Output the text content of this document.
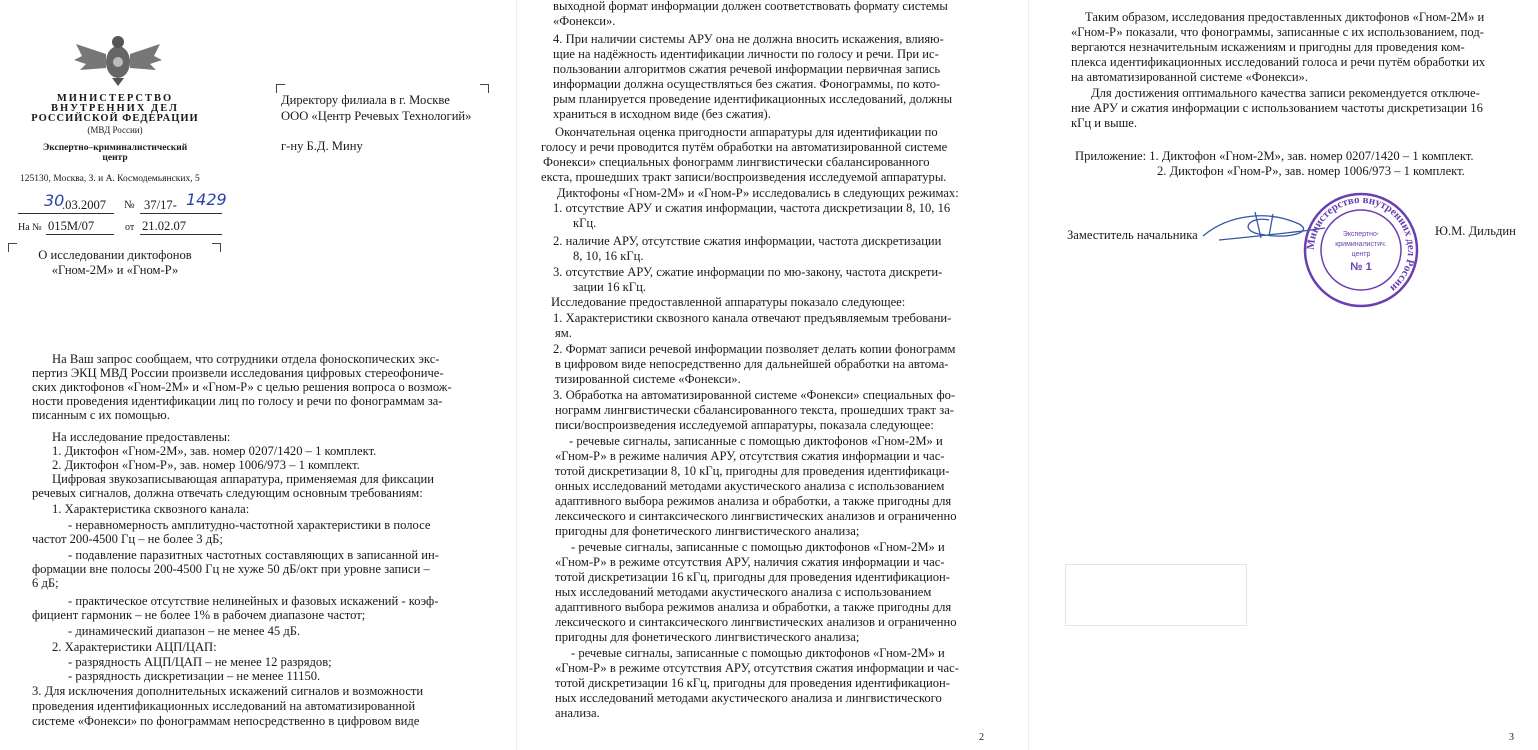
МИНИСТЕРСТВО
ВНУТРЕННИХ ДЕЛ
РОССИЙСКОЙ ФЕДЕРАЦИИ
(МВД России)
Экспертно–криминалистический
центр
125130, Москва, З. и А. Космодемьянских, 5
30
.03.2007 № 37/17- 1429
На № 015М/07	от 21.02.07
О исследовании диктофонов
«Гном-2М» и «Гном-Р»
Директору филиала в г. Москве
ООО «Центр Речевых Технологий»
г-ну Б.Д. Мину
На Ваш запрос сообщаем, что сотрудники отдела фоноскопических экс-
пертиз ЭКЦ МВД России произвели исследования цифровых стереофониче-
ских диктофонов «Гном-2М» и «Гном-Р» с целью решения вопроса о возмож-
ности проведения идентификации лиц по голосу и речи по фонограммам за-
писанным с их помощью.
На исследование предоставлены:
1. Диктофон «Гном-2М», зав. номер 0207/1420 – 1 комплект.
2. Диктофон «Гном-Р», зав. номер 1006/973 – 1 комплект.
Цифровая звукозаписывающая аппаратура, применяемая для фиксации
речевых сигналов, должна отвечать следующим основным требованиям:
1. Характеристика сквозного канала:
- неравномерность амплитудно-частотной характеристики в полосе
частот 200-4500 Гц – не более 3 дБ;
- подавление паразитных частотных составляющих в записанной ин-
формации вне полосы 200-4500 Гц не хуже 50 дБ/окт при уровне записи –
6 дБ;
- практическое отсутствие нелинейных и фазовых искажений - коэф-
фициент гармоник – не более 1% в рабочем диапазоне частот;
- динамический диапазон – не менее 45 дБ.
2. Характеристики АЦП/ЦАП:
- разрядность АЦП/ЦАП – не менее 12 разрядов;
- разрядность дискретизации – не менее 11150.
3. Для исключения дополнительных искажений сигналов и возможности
проведения идентификационных исследований на автоматизированной
системе «Фонекси» по фонограммам непосредственно в цифровом виде
выходной формат информации должен соответствовать формату системы
«Фонекси».
4. При наличии системы АРУ она не должна вносить искажения, влияю-
щие на надёжность идентификации личности по голосу и речи. При ис-
пользовании алгоритмов сжатия речевой информации первичная запись
информации должна осуществляться без сжатия. Фонограммы, по кото-
рым планируется проведение идентификационных исследований, должны
храниться в исходном виде (без сжатия).
Окончательная оценка пригодности аппаратуры для идентификации по
голосу и речи проводится путём обработки на автоматизированной системе
Фонекси» специальных фонограмм лингвистически сбалансированного
екста, прошедших тракт записи/воспроизведения исследуемой аппаратуры.
Диктофоны «Гном-2М» и «Гном-Р» исследовались в следующих режимах:
1. отсутствие АРУ и сжатия информации, частота дискретизации 8, 10, 16
кГц.
2. наличие АРУ, отсутствие сжатия информации, частота дискретизации
8, 10, 16 кГц.
3. отсутствие АРУ, сжатие информации по мю-закону, частота дискрети-
зации 16 кГц.
Исследование предоставленной аппаратуры показало следующее:
1. Характеристики сквозного канала отвечают предъявляемым требовани-
ям.
2. Формат записи речевой информации позволяет делать копии фонограмм
в цифровом виде непосредственно для дальнейшей обработки на автома-
тизированной системе «Фонекси».
3. Обработка на автоматизированной системе «Фонекси» специальных фо-
нограмм лингвистически сбалансированного текста, прошедших тракт за-
писи/воспроизведения исследуемой аппаратуры, показала следующее:
- речевые сигналы, записанные с помощью диктофонов «Гном-2М» и
«Гном-Р» в режиме наличия АРУ, отсутствия сжатия информации и час-
тотой дискретизации 8, 10 кГц, пригодны для проведения идентификаци-
онных исследований методами акустического анализа с использованием
адаптивного выбора режимов анализа и обработки, а также пригодны для
лексического и синтаксического лингвистических анализов и ограниченно
пригодны для фонетического лингвистического анализа;
- речевые сигналы, записанные с помощью диктофонов «Гном-2М» и
«Гном-Р» в режиме отсутствия АРУ, наличия сжатия информации и час-
тотой дискретизации 16 кГц, пригодны для проведения идентификацион-
ных исследований методами акустического анализа с использованием
адаптивного выбора режимов анализа и обработки, а также пригодны для
лексического и синтаксического лингвистических анализов и ограниченно
пригодны для фонетического лингвистического анализа;
- речевые сигналы, записанные с помощью диктофонов «Гном-2М» и
«Гном-Р» в режиме отсутствия АРУ, отсутствия сжатия информации и час-
тотой дискретизации 16 кГц, пригодны для проведения идентификацион-
ных исследований методами акустического анализа и лингвистического
анализа.
2
Таким образом, исследования предоставленных диктофонов «Гном-2М» и
«Гном-Р» показали, что фонограммы, записанные с их использованием, под-
вергаются незначительным искажениям и пригодны для проведения ком-
плекса идентификационных исследований голоса и речи путём обработки их
на автоматизированной системе «Фонекси».
Для достижения оптимального качества записи рекомендуется отключе-
ние АРУ и сжатия информации с использованием частоты дискретизации 16
кГц и выше.
Приложение: 1. Диктофон «Гном-2М», зав. номер 0207/1420 – 1 комплект.
2. Диктофон «Гном-Р», зав. номер 1006/973 – 1 комплект.
Заместитель начальника	Ю.М. Дильдин
Министерство внутренних дел России
Экспертно-
криминалистич.
центр
№ 1
3
